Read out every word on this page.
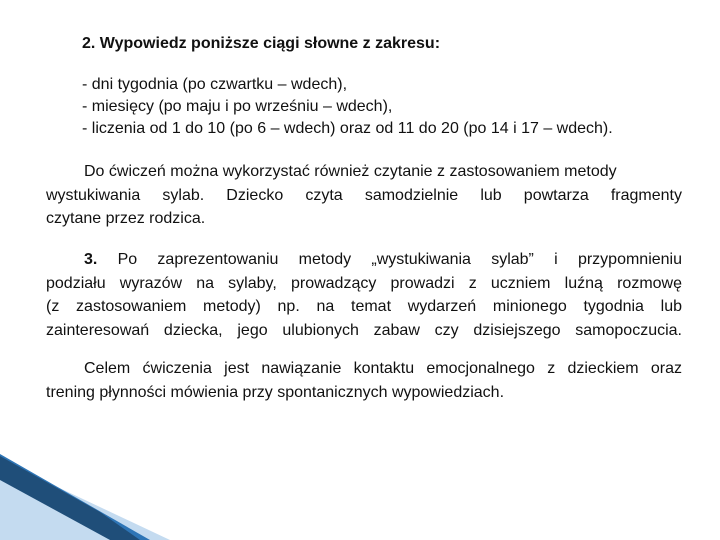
2. Wypowiedz poniższe ciągi słowne z zakresu:
- dni tygodnia (po czwartku – wdech),
- miesięcy (po maju i po wrześniu – wdech),
- liczenia od 1 do 10 (po 6 – wdech) oraz od 11 do 20 (po 14 i 17 – wdech).

Do ćwiczeń można wykorzystać również czytanie z zastosowaniem metody
wystukiwania sylab. Dziecko czyta samodzielnie lub powtarza fragmenty
czytane przez rodzica.

3. Po zaprezentowaniu metody „wystukiwania sylab” i przypomnieniu
podziału wyrazów na sylaby, prowadzący prowadzi z uczniem luźną rozmowę
(z zastosowaniem metody) np. na temat wydarzeń minionego tygodnia lub
zainteresowań dziecka, jego ulubionych zabaw czy dzisiejszego samopoczucia.

Celem ćwiczenia jest nawiązanie kontaktu emocjonalnego z dzieckiem oraz
trening płynności mówienia przy spontanicznych wypowiedziach.
